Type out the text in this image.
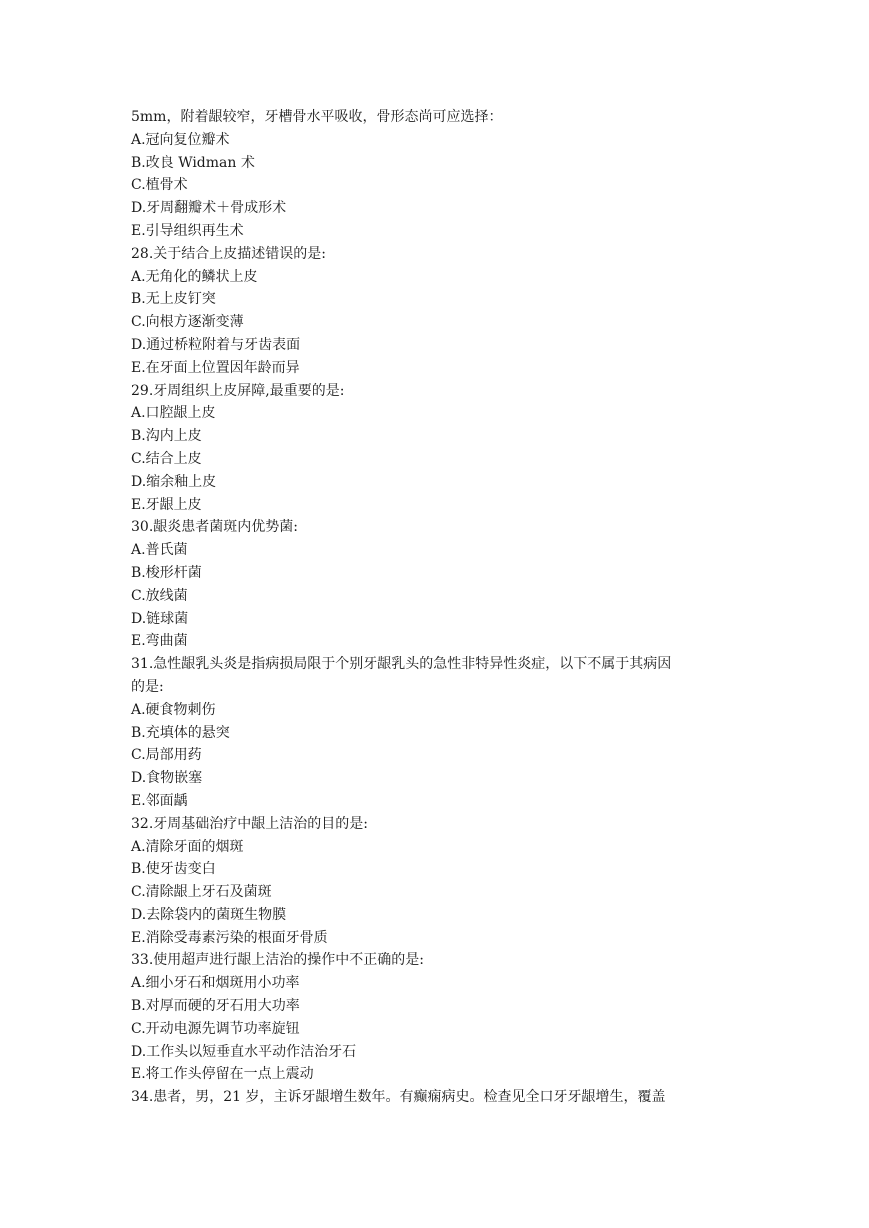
5mm，附着龈较窄，牙槽骨水平吸收，骨形态尚可应选择：
A.冠向复位瓣术
B.改良 Widman 术
C.植骨术
D.牙周翻瓣术＋骨成形术
E.引导组织再生术
28.关于结合上皮描述错误的是:
A.无角化的鳞状上皮
B.无上皮钉突
C.向根方逐渐变薄
D.通过桥粒附着与牙齿表面
E.在牙面上位置因年龄而异
29.牙周组织上皮屏障,最重要的是:
A.口腔龈上皮
B.沟内上皮
C.结合上皮
D.缩余釉上皮
E.牙龈上皮
30.龈炎患者菌斑内优势菌:
A.普氏菌
B.梭形杆菌
C.放线菌
D.链球菌
E.弯曲菌
31.急性龈乳头炎是指病损局限于个别牙龈乳头的急性非特异性炎症，以下不属于其病因
的是:
A.硬食物刺伤
B.充填体的悬突
C.局部用药
D.食物嵌塞
E.邻面龋
32.牙周基础治疗中龈上洁治的目的是:
A.清除牙面的烟斑
B.使牙齿变白
C.清除龈上牙石及菌斑
D.去除袋内的菌斑生物膜
E.消除受毒素污染的根面牙骨质
33.使用超声进行龈上洁治的操作中不正确的是:
A.细小牙石和烟斑用小功率
B.对厚而硬的牙石用大功率
C.开动电源先调节功率旋钮
D.工作头以短垂直水平动作洁治牙石
E.将工作头停留在一点上震动
34.患者，男，21 岁，主诉牙龈增生数年。有癫痫病史。检查见全口牙牙龈增生，覆盖
